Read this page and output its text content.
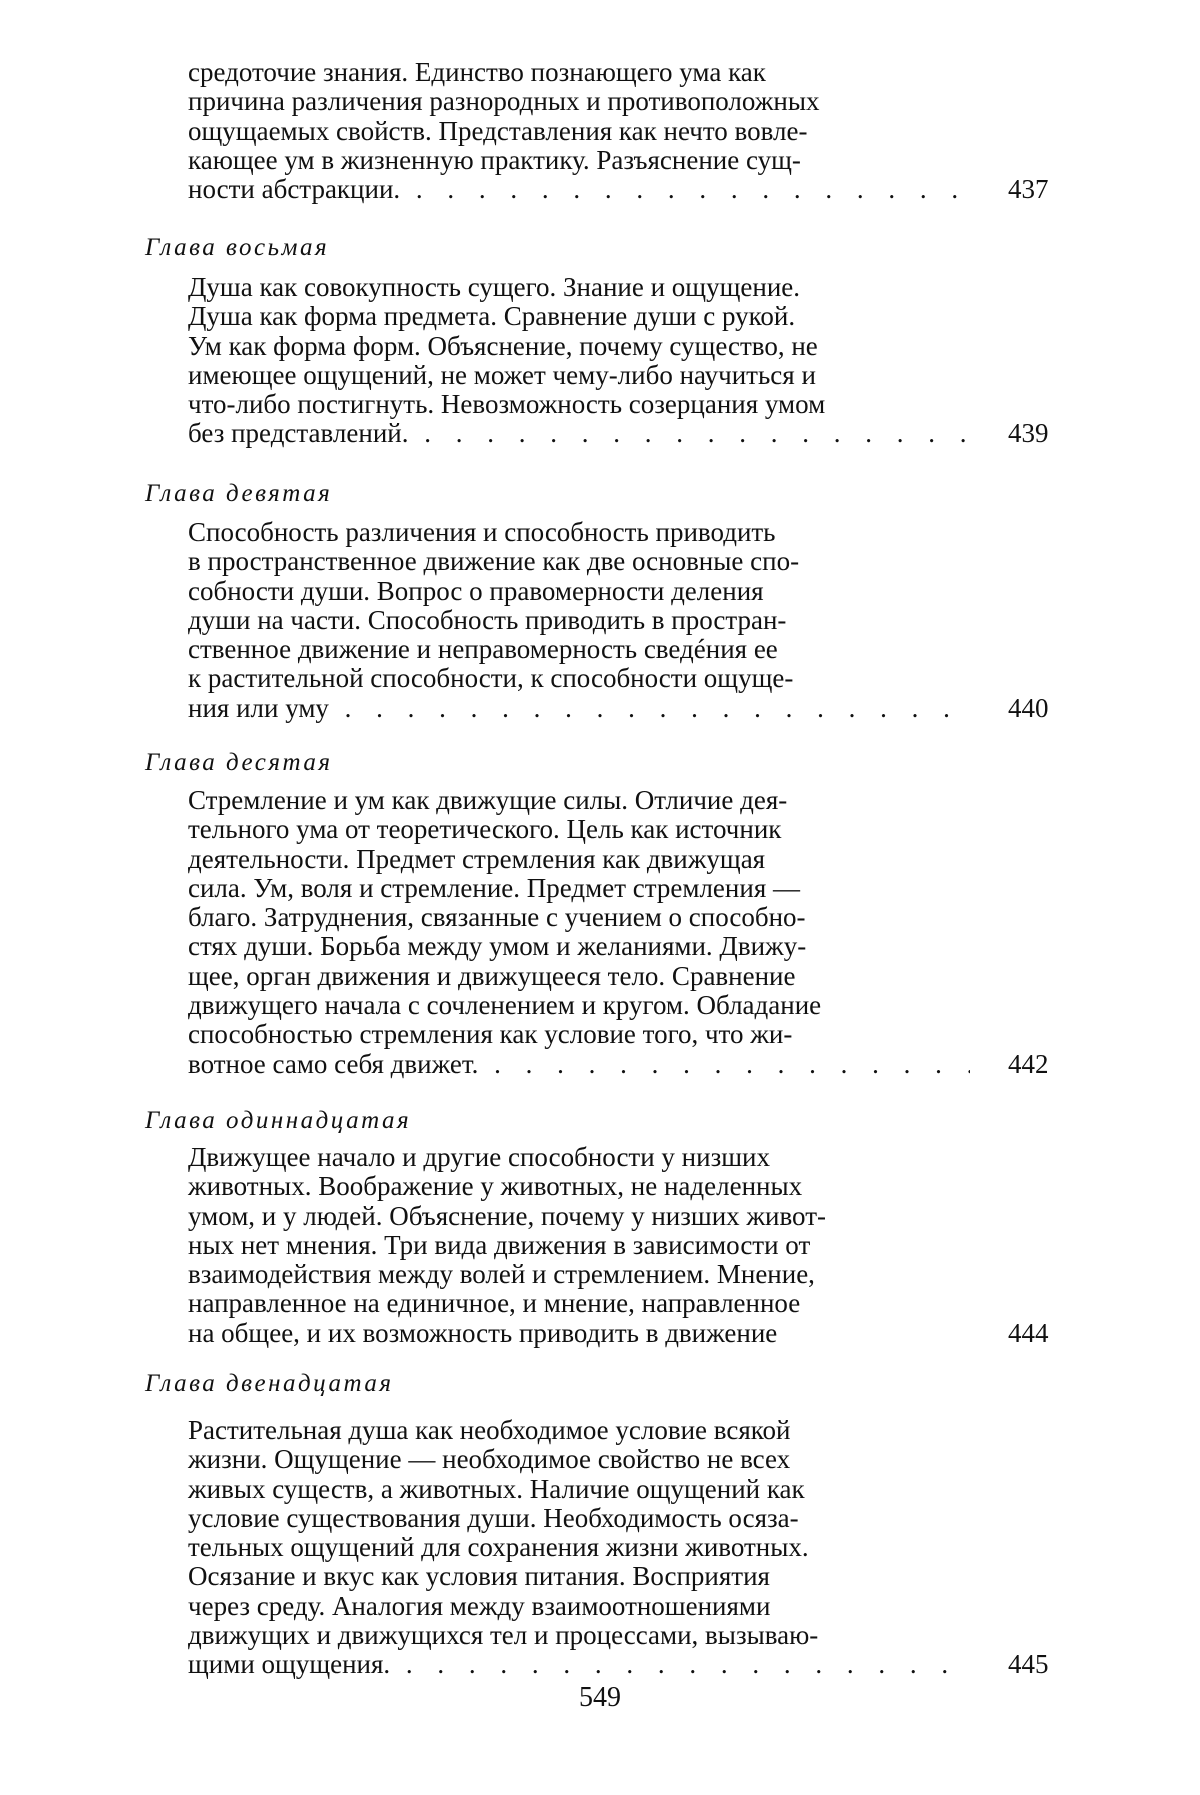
средоточие знания. Единство познающего ума как
причина различения разнородных и противоположных
ощущаемых свойств. Представления как нечто вовле-
кающее ум в жизненную практику. Разъяснение сущ-
ности абстракции. . . .	437
Глава восьмая
Душа как совокупность сущего. Знание и ощущение.
Душа как форма предмета. Сравнение души с рукой.
Ум как форма форм. Объяснение, почему существо, не
имеющее ощущений, не может чему-либо научиться и
что-либо постигнуть. Невозможность созерцания умом
без представлений. . . .	439
Глава девятая
Способность различения и способность приводить
в пространственное движение как две основные спо-
собности души. Вопрос о правомерности деления
души на части. Способность приводить в простран-
ственное движение и неправомерность сведéния ее
к растительной способности, к способности ощуще-
ния или уму . . .	440
Глава десятая
Стремление и ум как движущие силы. Отличие дея-
тельного ума от теоретического. Цель как источник
деятельности. Предмет стремления как движущая
сила. Ум, воля и стремление. Предмет стремления —
благо. Затруднения, связанные с учением о способно-
стях души. Борьба между умом и желаниями. Движу-
щее, орган движения и движущееся тело. Сравнение
движущего начала с сочленением и кругом. Обладание
способностью стремления как условие того, что жи-
вотное само себя движет. . . .	442
Глава одиннадцатая
Движущее начало и другие способности у низших
животных. Воображение у животных, не наделенных
умом, и у людей. Объяснение, почему у низших живот-
ных нет мнения. Три вида движения в зависимости от
взаимодействия между волей и стремлением. Мнение,
направленное на единичное, и мнение, направленное
на общее, и их возможность приводить в движение	444
Глава двенадцатая
Растительная душа как необходимое условие всякой
жизни. Ощущение — необходимое свойство не всех
живых существ, а животных. Наличие ощущений как
условие существования души. Необходимость осяза-
тельных ощущений для сохранения жизни животных.
Осязание и вкус как условия питания. Восприятия
через среду. Аналогия между взаимоотношениями
движущих и движущихся тел и процессами, вызываю-
щими ощущения. . . .	445
549
